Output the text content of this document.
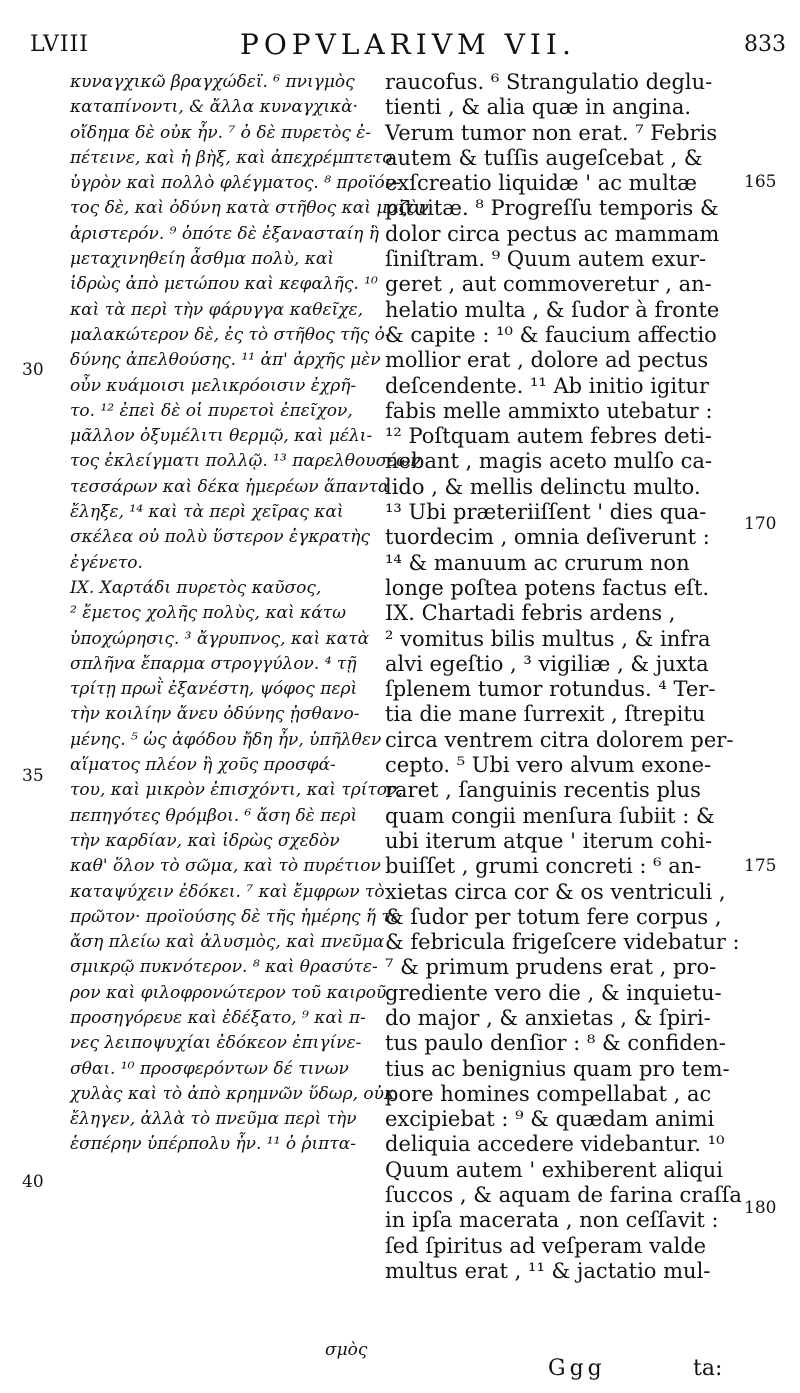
LVIII	POPVLARIVM VII.	833
κυναγχικῶ βραγχώδεϊ. ⁶ πνιγμὸς
καταπίνοντι, & ἄλλα κυναγχικὰ·
οἴδημα δὲ οὐκ ἦν. ⁷ ὁ δὲ πυρετὸς ἐ-
πέτεινε, καὶ ἡ βὴξ, καὶ ἀπεχρέμπτετο
ὑγρὸν καὶ πολλὸ φλέγματος. ⁸ προϊόν-
τος δὲ, καὶ ὀδύνη κατὰ στῆθος καὶ μαζὸν
ἀριστερόν. ⁹ ὁπότε δὲ ἐξανασταίη ἢ
μεταχινηθείη ἆσθμα πολὺ, καὶ
ἱδρὼς ἀπὸ μετώπου καὶ κεφαλῆς. ¹⁰
καὶ τὰ περὶ τὴν φάρυγγα καθεῖχε,
μαλακώτερον δὲ, ἐς τὸ στῆθος τῆς ὀ-
δύνης ἀπελθούσης. ¹¹ ἀπ' ἀρχῆς μὲν
οὖν κυάμοισι μελικρόοισιν ἐχρῆ-
το. ¹² ἐπεὶ δὲ οἱ πυρετοὶ ἐπεῖχον,
μᾶλλον ὀξυμέλιτι θερμῷ, καὶ μέλι-
τος ἐκλείγματι πολλῷ. ¹³ παρελθουσέων
τεσσάρων καὶ δέκα ἡμερέων ἅπαντα
ἔληξε, ¹⁴ καὶ τὰ περὶ χεῖρας καὶ
σκέλεα οὐ πολὺ ὕστερον ἐγκρατὴς
ἐγένετο.
IX. Χαρτάδι πυρετὸς καῦσος,
² ἔμετος χολῆς πολὺς, καὶ κάτω
ὑποχώρησις. ³ ἄγρυπνος, καὶ κατὰ
σπλῆνα ἔπαρμα στρογγύλον. ⁴ τῇ
τρίτῃ πρωῒ ἐξανέστη, ψόφος περὶ
τὴν κοιλίην ἄνευ ὀδύνης ᾐσθανο-
μένης. ⁵ ὡς ἀφόδου ἤδη ἦν, ὑπῆλθεν
αἵματος πλέον ἢ χοῦς προσφά-
του, καὶ μικρὸν ἐπισχόντι, καὶ τρίτον,
πεπηγότες θρόμβοι. ⁶ ἄση δὲ περὶ
τὴν καρδίαν, καὶ ἱδρὼς σχεδὸν
καθ' ὅλον τὸ σῶμα, καὶ τὸ πυρέτιον
καταψύχειν ἐδόκει. ⁷ καὶ ἔμφρων τὸ
πρῶτον· προϊούσης δὲ τῆς ἡμέρης ἥ τε
ἄση πλείω καὶ ἀλυσμὸς, καὶ πνεῦμα
σμικρῷ πυκνότερον. ⁸ καὶ θρασύτε-
ρον καὶ φιλοφρονώτερον τοῦ καιροῦ
προσηγόρευε καὶ ἐδέξατο, ⁹ καὶ π-
νες λειποψυχίαι ἐδόκεον ἐπιγίνε-
σθαι. ¹⁰ προσφερόντων δέ τινων
χυλὰς καὶ τὸ ἀπὸ κρημνῶν ὕδωρ, οὐκ
ἔληγεν, ἀλλὰ τὸ πνεῦμα περὶ τὴν
ἑσπέρην ὑπέρπολυ ἦν. ¹¹ ὁ ῥιπτα-
raucofus. ⁶ Strangulatio deglu-
tienti , & alia quæ in angina.
Verum tumor non erat. ⁷ Febris
autem & tuſſis augeſcebat , &
exſcreatio liquidæ ' ac multæ
pituitæ. ⁸ Progreſſu temporis &
dolor circa pectus ac mammam
ſiniſtram. ⁹ Quum autem exur-
geret , aut commoveretur , an-
helatio multa , & ſudor à fronte
& capite : ¹⁰ & faucium affectio
mollior erat , dolore ad pectus
deſcendente. ¹¹ Ab initio igitur
fabis melle ammixto utebatur :
¹² Poſtquam autem febres deti-
nebant , magis aceto mulſo ca-
lido , & mellis delinctu multo.
¹³ Ubi præteriiſſent ' dies qua-
tuordecim , omnia deſiverunt :
¹⁴ & manuum ac crurum non
longe poſtea potens factus eſt.
IX. Chartadi febris ardens ,
² vomitus bilis multus , & infra
alvi egeſtio , ³ vigiliæ , & juxta
ſplenem tumor rotundus. ⁴ Ter-
tia die mane ſurrexit , ſtrepitu
circa ventrem citra dolorem per-
cepto. ⁵ Ubi vero alvum exone-
raret , ſanguinis recentis plus
quam congii menſura ſubiit : &
ubi iterum atque ' iterum cohi-
buiſſet , grumi concreti : ⁶ an-
xietas circa cor & os ventriculi ,
& ſudor per totum fere corpus ,
& febricula frigeſcere videbatur :
⁷ & primum prudens erat , pro-
grediente vero die , & inquietu-
do major , & anxietas , & ſpiri-
tus paulo denſior : ⁸ & confiden-
tius ac benignius quam pro tem-
pore homines compellabat , ac
excipiebat : ⁹ & quædam animi
deliquia accedere videbantur. ¹⁰
Quum autem ' exhiberent aliqui
ſuccos , & aquam de farina craſſa
in ipſa macerata , non ceſſavit :
ſed ſpiritus ad veſperam valde
multus erat , ¹¹ & jactatio mul-
30
35
40
165
170
175
180
σμὸς
Ggg	ta:
